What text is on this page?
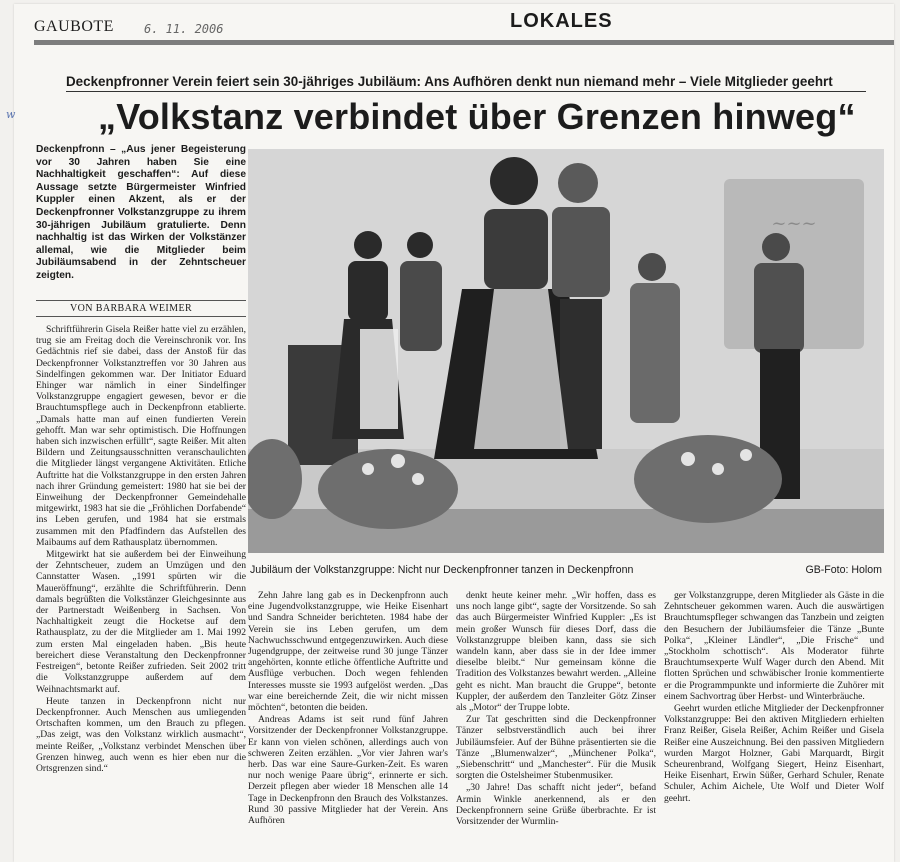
GAUBOTE	6. 11. 2006	LOKALES
Deckenpfronner Verein feiert sein 30-jähriges Jubiläum: Ans Aufhören denkt nun niemand mehr – Viele Mitglieder geehrt
„Volkstanz verbindet über Grenzen hinweg“
Deckenpfronn – „Aus jener Begeisterung vor 30 Jahren haben Sie eine Nachhaltigkeit geschaffen“: Auf diese Aussage setzte Bürgermeister Winfried Kuppler einen Akzent, als er der Deckenpfronner Volkstanzgruppe zu ihrem 30-jährigen Jubiläum gratulierte. Denn nachhaltig ist das Wirken der Volkstänzer allemal, wie die Mitglieder beim Jubiläumsabend in der Zehntscheuer zeigten.
VON BARBARA WEIMER

Schriftführerin Gisela Reißer hatte viel zu erzählen, trug sie am Freitag doch die Vereinschronik vor. Ins Gedächtnis rief sie dabei, dass der Anstoß für das Deckenpfronner Volkstanztreffen vor 30 Jahren aus Sindelfingen gekommen war. Der Initiator Eduard Ehinger war nämlich in einer Sindelfinger Volkstanzgruppe engagiert gewesen, bevor er die Brauchtumspflege auch in Deckenpfronn etablierte. „Damals hatte man auf einen fundierten Verein gehofft. Man war sehr optimistisch. Die Hoffnungen haben sich inzwischen erfüllt“, sagte Reißer. Mit alten Bildern und Zeitungsausschnitten veranschaulichten die Mitglieder längst vergangene Aktivitäten. Etliche Auftritte hat die Volkstanzgruppe in den ersten Jahren nach ihrer Gründung gemeistert: 1980 hat sie bei der Einweihung der Deckenpfronner Gemeindehalle mitgewirkt, 1983 hat sie die „Fröhlichen Dorfabende“ ins Leben gerufen, und 1984 hat sie erstmals zusammen mit den Pfadfindern das Aufstellen des Maibaums auf dem Rathausplatz übernommen.

Mitgewirkt hat sie außerdem bei der Einweihung der Zehntscheuer, zudem an Umzügen und den Cannstatter Wasen. „1991 spürten wir die Maueröffnung“, erzählte die Schriftführerin. Denn damals begrüßten die Volkstänzer Gleichgesinnte aus der Partnerstadt Weißenberg in Sachsen. Von Nachhaltigkeit zeugt die Hocketse auf dem Rathausplatz, zu der die Mitglieder am 1. Mai 1992 zum ersten Mal eingeladen haben. „Bis heute bereichert diese Veranstaltung den Deckenpfronner Festreigen“, betonte Reißer zufrieden. Seit 2002 tritt die Volkstanzgruppe außerdem auf dem Weihnachtsmarkt auf.

Heute tanzen in Deckenpfronn nicht nur Deckenpfronner. Auch Menschen aus umliegenden Ortschaften kommen, um den Brauch zu pflegen. „Das zeigt, was den Volkstanz wirklich ausmacht“, meinte Reißer, „Volkstanz verbindet Menschen über Grenzen hinweg, auch wenn es hier eben nur die Ortsgrenzen sind.“

~~~
Jubiläum der Volkstanzgruppe: Nicht nur Deckenpfronner tanzen in Deckenpfronn	GB-Foto: Holom

Zehn Jahre lang gab es in Deckenpfronn auch eine Jugendvolkstanzgruppe, wie Heike Eisenhart und Sandra Schneider berichteten. 1984 habe der Verein sie ins Leben gerufen, um dem Nachwuchsschwund entgegenzuwirken. Auch diese Jugendgruppe, der zeitweise rund 30 junge Tänzer angehörten, konnte etliche öffentliche Auftritte und Ausflüge verbuchen. Doch wegen fehlenden Interesses musste sie 1993 aufgelöst werden. „Das war eine bereichernde Zeit, die wir nicht missen möchten“, betonten die beiden.

Andreas Adams ist seit rund fünf Jahren Vorsitzender der Deckenpfronner Volkstanzgruppe. Er kann von vielen schönen, allerdings auch von schweren Zeiten erzählen. „Vor vier Jahren war's herb. Das war eine Saure-Gurken-Zeit. Es waren nur noch wenige Paare übrig“, erinnerte er sich. Derzeit pflegen aber wieder 18 Menschen alle 14 Tage in Deckenpfronn den Brauch des Volkstanzes. Rund 30 passive Mitglieder hat der Verein. Ans Aufhören

denkt heute keiner mehr. „Wir hoffen, dass es uns noch lange gibt“, sagte der Vorsitzende. So sah das auch Bürgermeister Winfried Kuppler: „Es ist mein großer Wunsch für dieses Dorf, dass die Volkstanzgruppe bleiben kann, dass sie sich wandeln kann, aber dass sie in der Idee immer dieselbe bleibt.“ Nur gemeinsam könne die Tradition des Volkstanzes bewahrt werden. „Alleine geht es nicht. Man braucht die Gruppe“, betonte Kuppler, der außerdem den Tanzleiter Götz Zinser als „Motor“ der Truppe lobte.

Zur Tat geschritten sind die Deckenpfronner Tänzer selbstverständlich auch bei ihrer Jubiläumsfeier. Auf der Bühne präsentierten sie die Tänze „Blumenwalzer“, „Münchener Polka“, „Siebenschritt“ und „Manchester“. Für die Musik sorgten die Ostelsheimer Stubenmusiker.

„30 Jahre! Das schafft nicht jeder“, befand Armin Winkle anerkennend, als er den Deckenpfronnern seine Grüße überbrachte. Er ist Vorsitzender der Wurmlin-

ger Volkstanzgruppe, deren Mitglieder als Gäste in die Zehntscheuer gekommen waren. Auch die auswärtigen Brauchtumspfleger schwangen das Tanzbein und zeigten den Besuchern der Jubiläumsfeier die Tänze „Bunte Polka“, „Kleiner Ländler“, „Die Frische“ und „Stockholm schottisch“. Als Moderator führte Brauchtumsexperte Wulf Wager durch den Abend. Mit flotten Sprüchen und schwäbischer Ironie kommentierte er die Programmpunkte und informierte die Zuhörer mit einem Sachvortrag über Herbst- und Winterbräuche.

Geehrt wurden etliche Mitglieder der Deckenpfronner Volkstanzgruppe: Bei den aktiven Mitgliedern erhielten Franz Reißer, Gisela Reißer, Achim Reißer und Gisela Reißer eine Auszeichnung. Bei den passiven Mitgliedern wurden Margot Holzner, Gabi Marquardt, Birgit Scheurenbrand, Wolfgang Siegert, Heinz Eisenhart, Heike Eisenhart, Erwin Süßer, Gerhard Schuler, Renate Schuler, Achim Aichele, Ute Wolf und Dieter Wolf geehrt.

w
